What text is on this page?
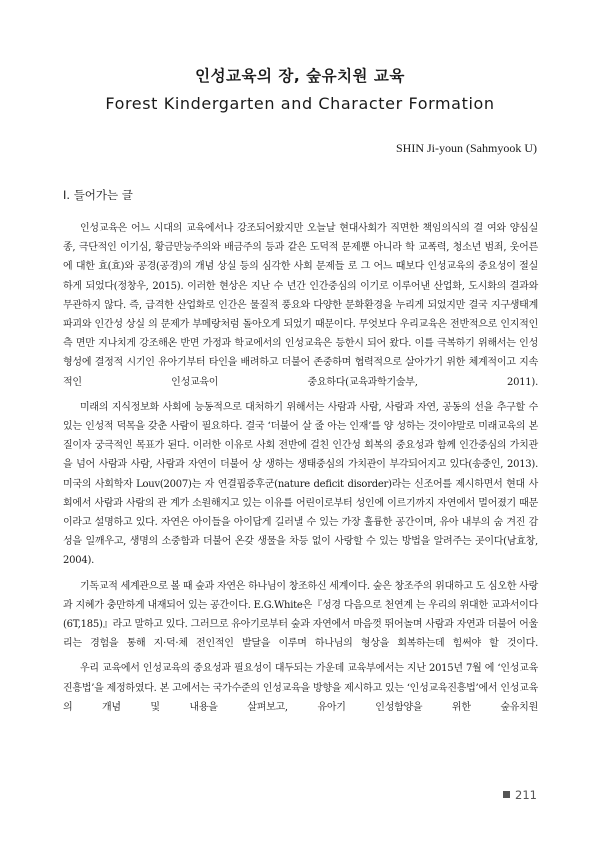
인성교육의 장, 숲유치원 교육
Forest Kindergarten and Character Formation
SHIN Ji-youn (Sahmyook U)
Ⅰ. 들어가는 글

인성교육은 어느 시대의 교육에서나 강조되어왔지만 오늘날 현대사회가 직면한 책임의식의 결 여와 양심실종, 극단적인 이기심, 황금만능주의와 배금주의 등과 같은 도덕적 문제뿐 아니라 학 교폭력, 청소년 범죄, 웃어른에 대한 효(효)와 공경(공경)의 개념 상실 등의 심각한 사회 문제들 로 그 어느 때보다 인성교육의 중요성이 절실하게 되었다(정창우, 2015). 이러한 현상은 지난 수 년간 인간중심의 이기로 이루어낸 산업화, 도시화의 결과와 무관하지 않다. 즉, 급격한 산업화로 인간은 물질적 풍요와 다양한 문화환경을 누리게 되었지만 결국 지구생태계 파괴와 인간성 상실 의 문제가 부메랑처럼 돌아오게 되었기 때문이다. 무엇보다 우리교육은 전반적으로 인지적인 측 면만 지나치게 강조해온 반면 가정과 학교에서의 인성교육은 등한시 되어 왔다. 이를 극복하기 위해서는 인성형성에 결정적 시기인 유아기부터 타인을 배려하고 더불어 존중하며 협력적으로 살아가기 위한 체계적이고 지속적인 인성교육이 중요하다(교육과학기술부, 2011).

미래의 지식정보화 사회에 능동적으로 대처하기 위해서는 사람과 사람, 사람과 자연, 공동의 선을 추구할 수 있는 인성적 덕목을 갖춘 사람이 필요하다. 결국 ‘더불어 살 줄 아는 인재’를 양 성하는 것이야말로 미래교육의 본질이자 궁극적인 목표가 된다. 이러한 이유로 사회 전반에 걸친 인간성 회복의 중요성과 함께 인간중심의 가치관을 넘어 사람과 사람, 사람과 자연이 더불어 상 생하는 생태중심의 가치관이 부각되어지고 있다(송중인, 2013). 미국의 사회학자 Louv(2007)는 자 연결핍증후군(nature deficit disorder)라는 신조어를 제시하면서 현대 사회에서 사람과 사람의 관 계가 소원해지고 있는 이유를 어린이로부터 성인에 이르기까지 자연에서 멀어졌기 때문이라고 설명하고 있다. 자연은 아이들을 아이답게 길러낼 수 있는 가장 훌륭한 공간이며, 유아 내부의 숨 겨진 감성을 일깨우고, 생명의 소중함과 더불어 온갖 생물을 차등 없이 사랑할 수 있는 방법을 알려주는 곳이다(남효창, 2004).

기독교적 세계관으로 볼 때 숲과 자연은 하나님이 창조하신 세계이다. 숲은 창조주의 위대하고 도 심오한 사랑과 지혜가 충만하게 내재되어 있는 공간이다. E.G.White은『성경 다음으로 천연계 는 우리의 위대한 교과서이다(6T,185)』라고 말하고 있다. 그러므로 유아기로부터 숲과 자연에서 마음껏 뛰어놀며 사람과 자연과 더불어 어울리는 경험을 통해 지·덕·체 전인적인 발달을 이루며 하나님의 형상을 회복하는데 힘써야 할 것이다.

우리 교육에서 인성교육의 중요성과 필요성이 대두되는 가운데 교육부에서는 지난 2015년 7월 에 ‘인성교육진흥법’을 제정하였다. 본 고에서는 국가수준의 인성교육을 방향을 제시하고 있는 ‘인성교육진흥법’에서 인성교육의 개념 및 내용을 살펴보고, 유아기 인성함양을 위한 숲유치원

211
